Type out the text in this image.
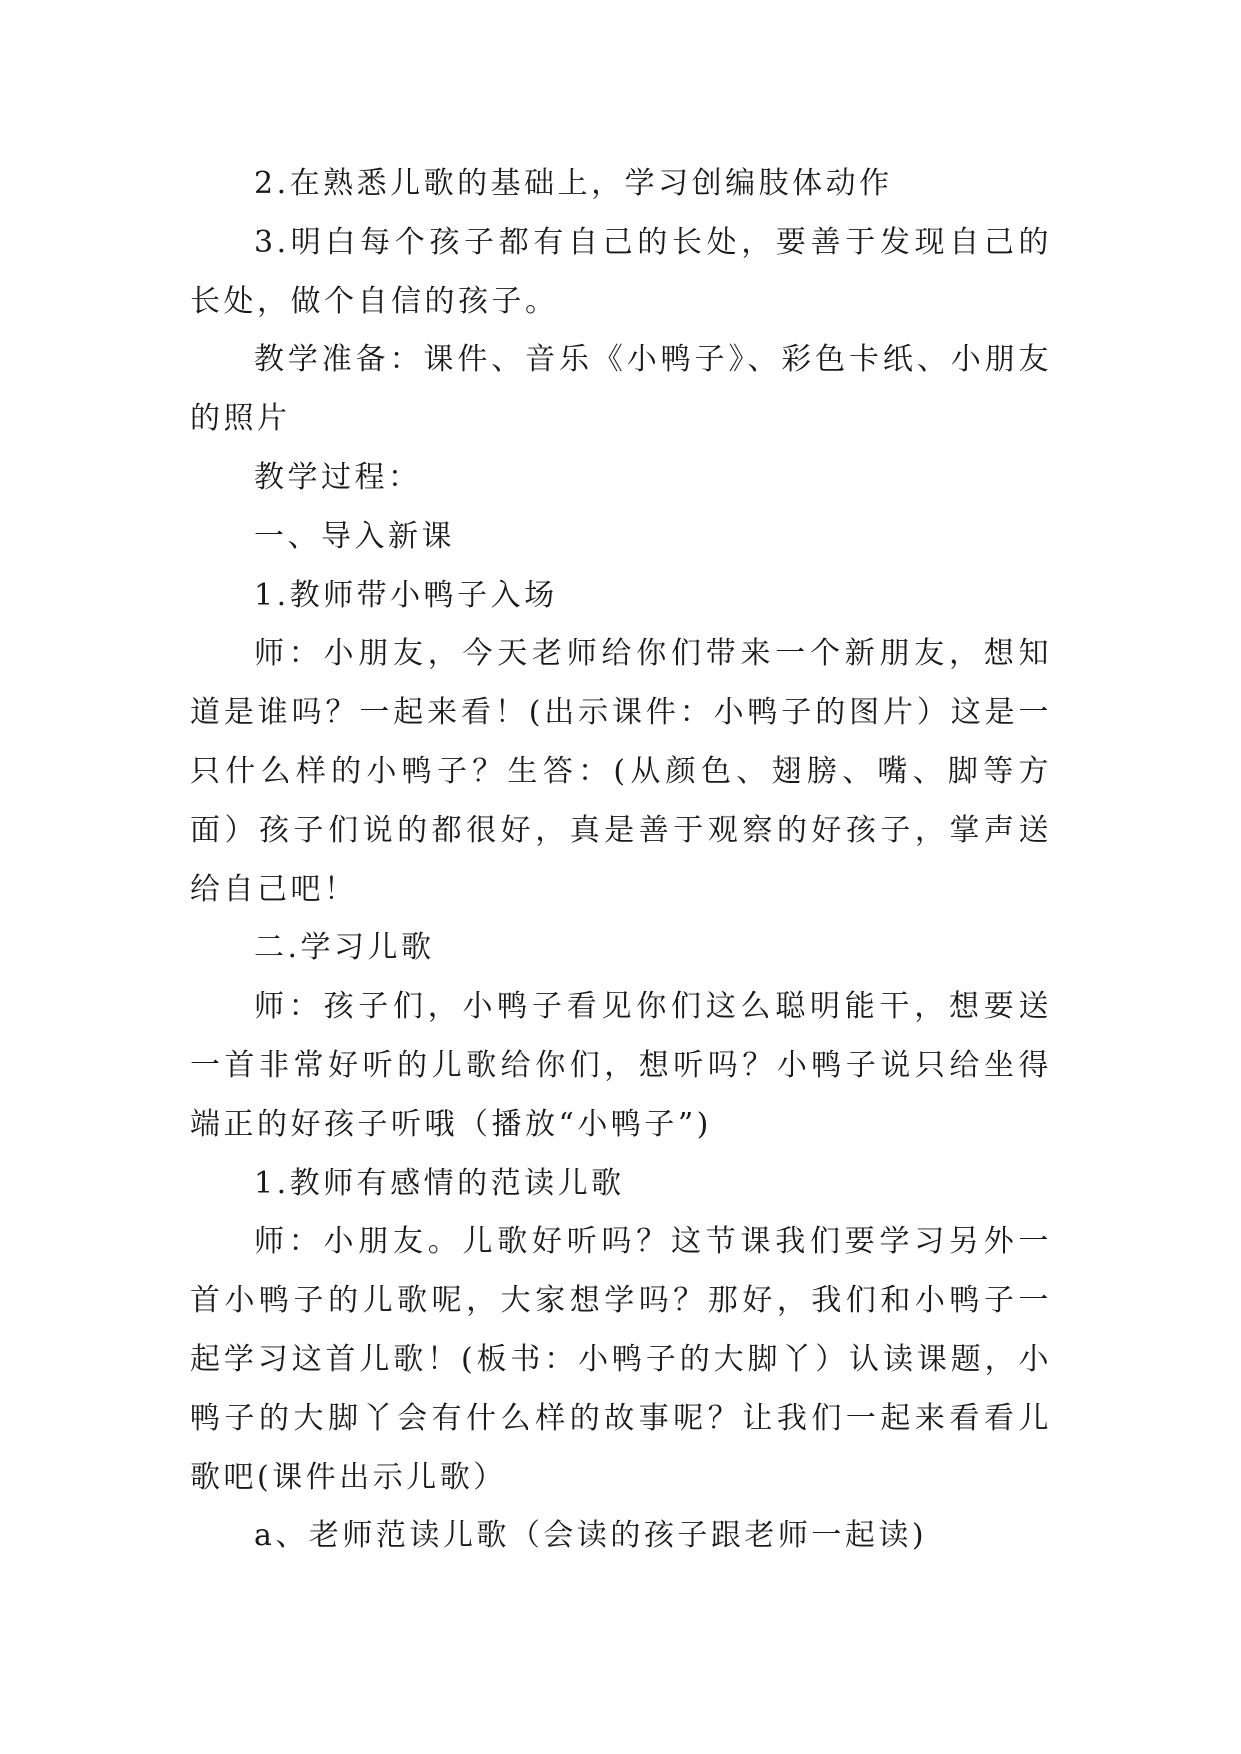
2.在熟悉儿歌的基础上，学习创编肢体动作

3.明白每个孩子都有自己的长处，要善于发现自己的长处，做个自信的孩子。

教学准备：课件、音乐《小鸭子》、彩色卡纸、小朋友的照片

教学过程：

一、导入新课

1.教师带小鸭子入场

师：小朋友，今天老师给你们带来一个新朋友，想知道是谁吗？一起来看！(出示课件：小鸭子的图片）这是一只什么样的小鸭子？生答：(从颜色、翅膀、嘴、脚等方面）孩子们说的都很好，真是善于观察的好孩子，掌声送给自己吧！

二.学习儿歌

师：孩子们，小鸭子看见你们这么聪明能干，想要送一首非常好听的儿歌给你们，想听吗？小鸭子说只给坐得端正的好孩子听哦（播放“小鸭子”)

1.教师有感情的范读儿歌

师：小朋友。儿歌好听吗？这节课我们要学习另外一首小鸭子的儿歌呢，大家想学吗？那好，我们和小鸭子一起学习这首儿歌！(板书：小鸭子的大脚丫）认读课题，小鸭子的大脚丫会有什么样的故事呢？让我们一起来看看儿歌吧(课件出示儿歌）

a、老师范读儿歌（会读的孩子跟老师一起读)
